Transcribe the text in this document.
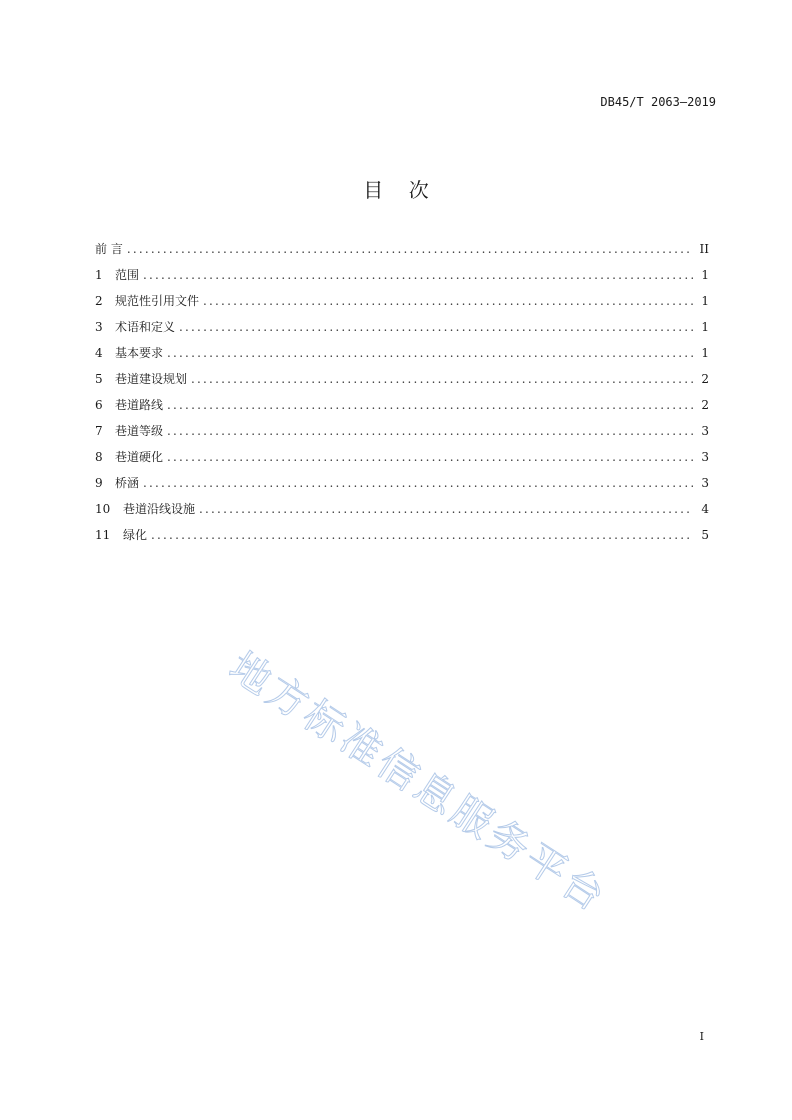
DB45/T 2063—2019
目    次
前 言 .....	II
1	范围 .....	1
2	规范性引用文件 .....	1
3	术语和定义 .....	1
4	基本要求 .....	1
5	巷道建设规划 .....	2
6	巷道路线 .....	2
7	巷道等级 .....	3
8	巷道硬化 .....	3
9	桥涵 .....	3
10	巷道沿线设施 .....	4
11	绿化 .....	5
地方标准信息服务平台
I
